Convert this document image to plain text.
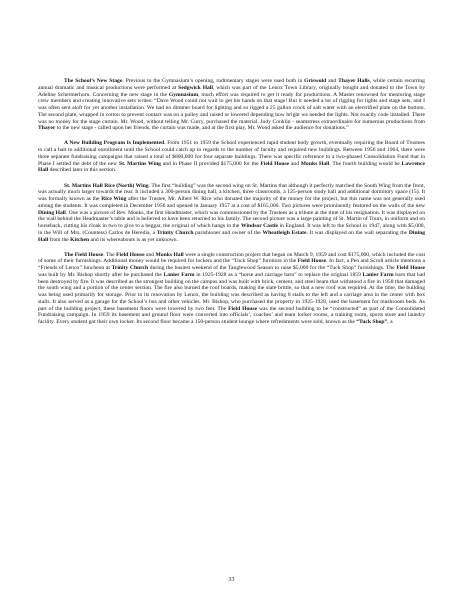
The School’s New Stage. Previous to the Gymnasium’s opening, rudimentary stages were used both in Griswold and Thayer Halls, while certain recurring annual dramatic and musical productions were performed at Sedgwick Hall, which was part of the Lenox Town Library, originally bought and donated to the Town by Adeline Schermerhorn. Concerning the new stage in the Gymnasium, much effort was required to get it ready for productions. A Master renowned for mentoring stage crew members and creating innovative sets writes: “Dave Wood could not wait to get his hands on that stage! But it needed a lot of rigging for lights and stage sets, and I was often sent aloft for yet another installation. We had no dimmer board for lighting and so rigged a 25 gallon crock of salt water with an electrified plate on the bottom. The second plate, wrapped in cotton to prevent contact was on a pulley and raised or lowered depending how bright we needed the lights. Not exactly code installed. There was no money for the stage curtain. Mr. Wood, without telling Mr. Curry, purchased the material. Judy Conklin - seamstress extraordinaire for numerous productions from Thayer to the new stage - called upon her friends, the curtain was made, and at the first play, Mr. Wood asked the audience for donations.”

A New Building Program Is Implemented. From 1951 to 1959 the School experienced rapid student body growth, eventually requiring the Board of Trustees to call a halt to additional enrollment until the School could catch up in regards to the number of faculty and required new buildings. Between 1956 and 1964, there were three separate fundraising campaigns that raised a total of $800,000 for four separate buildings. There was specific reference to a two-phased Consolidation Fund that in Phase I settled the debt of the new St. Martins Wing and in Phase II provided $175,000 for the Field House and Monks Hall. The fourth building would be Lawrence Hall described later in this section.

St. Martins Hall Rice (North) Wing. The first “building” was the second wing on St. Martins that although it perfectly matched the South Wing from the front, was actually much larger towards the rear. It included a 300-person dining hall, a kitchen, three classrooms, a 125-person study hall and additional dormitory space (15). It was formally known as the Rice Wing after the Trustee, Mr. Albert W. Rice who donated the majority of the money for the project, but this name was not generally used among the students. It was completed in December 1956 and opened in January 1957 at a cost of $165,000. Two pictures were prominently featured on the walls of the new Dining Hall. One was a picture of Rev. Monks, the first Headmaster, which was commissioned by the Trustees as a tribute at the time of his resignation. It was displayed on the wall behind the Headmaster’s table and is believed to have been returned to his family. The second picture was a large painting of St. Martin of Tours, in uniform and on horseback, cutting his cloak in two to give to a beggar, the original of which hangs in the Windsor Castle in England. It was left to the School in 1947, along with $5,000, in the Will of Mrs. (Countess) Carlos de Heredia, a Trinity Church parishioner and owner of the Wheatleigh Estate. It was displayed on the wall separating the Dining Hall from the Kitchen and its whereabouts is as yet unknown.

The Field House. The Field House and Monks Hall were a single construction project that began on March 9, 1959 and cost $175,000, which included the cost of some of their furnishings. Additional money would be required for lockers and the “Tuck Shop” furniture in the Field House. In fact, a Pen and Scroll article mentions a “Friends of Lenox” luncheon at Trinity Church during the busiest weekend of the Tanglewood Season to raise $5,000 for the “Tuck Shop” furnishings. The Field House was built by Mr. Bishop shortly after he purchased the Lanier Farm in 1925-1928 as a “horse and carriage barn” to replace the original 1859 Lanier Farm barn that had been destroyed by fire. It was described as the strongest building on the campus and was built with brick, cement, and steel beam that withstood a fire in 1958 that damaged the south wing and a portion of the center section. The fire also burned the roof boards, making the slate brittle, so that a new roof was required. At the time, the building was being used primarily for storage. Prior to its renovation by Lenox, the building was described as having 8 stalls to the left and a carriage area in the center with box stalls. It also served as a garage for the School’s bus and other vehicles. Mr. Bishop, who purchased the property in 1925-1928, used the basement for mushroom beds. As part of the building project, these basement floors were lowered by two feet. The Field House was the second building to be “constructed” as part of the Consolidated Fundraising campaign. In 1959 its basement and ground floor were converted into officials’, coaches’ and team locker rooms, a training room, sports store and laundry facility. Every student got their own locker. Its second floor became a 150-person student lounge where refreshments were sold, known as the “Tuck Shop”, a

33
